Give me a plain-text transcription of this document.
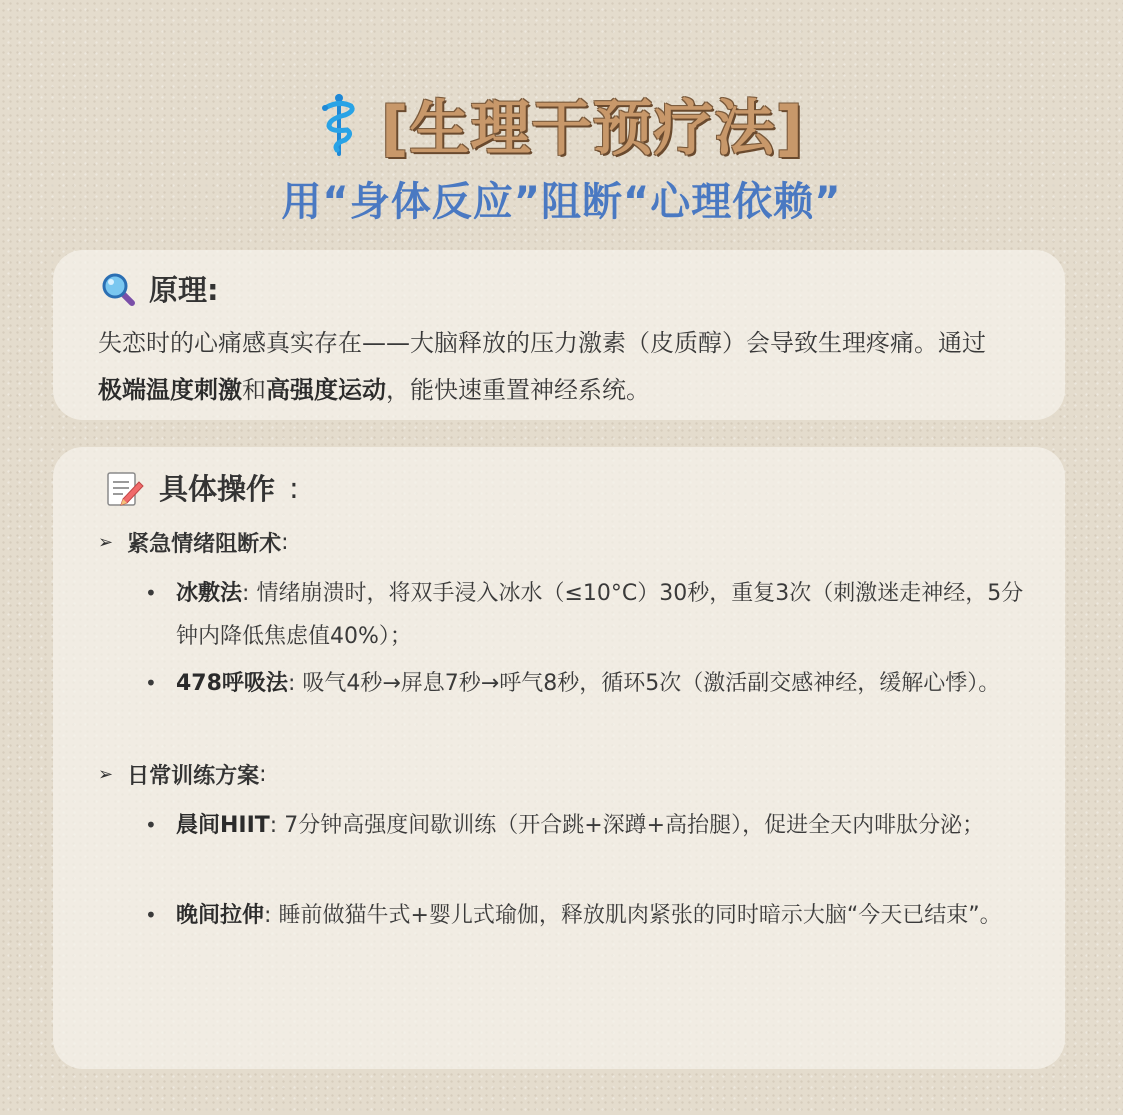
[生理干预疗法]
用“身体反应”阻断“心理依赖”
原理:
失恋时的心痛感真实存在——大脑释放的压力激素（皮质醇）会导致生理疼痛。通过极端温度刺激和高强度运动，能快速重置神经系统。
具体操作 :
➢ 紧急情绪阻断术 :
• 冰敷法: 情绪崩溃时，将双手浸入冰水（≤10°C）30秒，重复3次（刺激迷走神经，5分钟内降低焦虑值40%）；
• 478呼吸法: 吸气4秒→屏息7秒→呼气8秒，循环5次（激活副交感神经，缓解心悸）。
➢ 日常训练方案 :
• 晨间HIIT: 7分钟高强度间歇训练（开合跳+深蹲+高抬腿），促进全天内啡肽分泌；
• 晚间拉伸: 睡前做猫牛式+婴儿式瑜伽，释放肌肉紧张的同时暗示大脑“今天已结束”。
